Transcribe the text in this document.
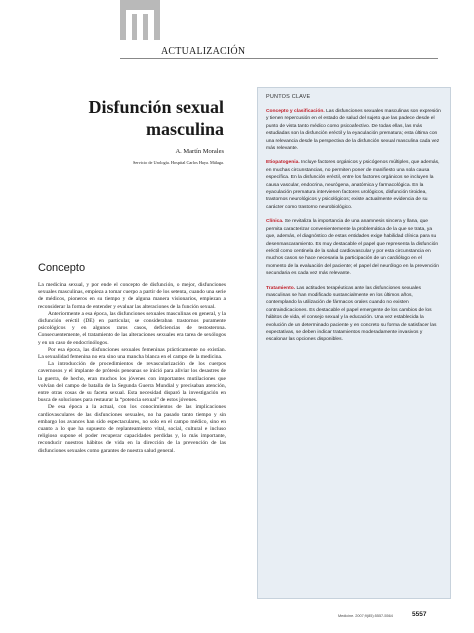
ACTUALIZACIÓN
Disfunción sexual
masculina
A. Martín Morales
Servicio de Urología. Hospital Carlos Haya. Málaga.
Concepto

La medicina sexual, y por ende el concepto de disfunción, o mejor, disfunciones sexuales masculinas, empieza a tomar cuerpo a partir de los setenta, cuando una serie de médicos, pioneros en su tiempo y de alguna manera visionarios, empiezan a reconsiderar la forma de entender y evaluar las alteraciones de la función sexual.

Anteriormente a esa época, las disfunciones sexuales masculinas en general, y la disfunción eréctil (DE) en particular, se consideraban trastornos puramente psicológicos y en algunos raros casos, deficiencias de testosterona. Consecuentemente, el tratamiento de las alteraciones sexuales era tarea de sexólogos y en un caso de endocrinólogos.

Por esa época, las disfunciones sexuales femeninas prácticamente no existían. La sexualidad femenina no era sino una mancha blanca en el campo de la medicina.

La introducción de procedimientos de revascularización de los cuerpos cavernosos y el implante de prótesis peneanas se inició para aliviar los desastres de la guerra, de hecho, eran muchos los jóvenes con importantes mutilaciones que volvían del campo de batalla de la Segunda Guerra Mundial y precisaban atención, entre otras cosas de su faceta sexual. Esta necesidad disparó la investigación en busca de soluciones para restaurar la “potencia sexual” de estos jóvenes.

De esa época a la actual, con los conocimientos de las implicaciones cardiovasculares de las disfunciones sexuales, no ha pasado tanto tiempo y sin embargo los avances han sido espectaculares, no solo en el campo médico, sino en cuanto a lo que ha supuesto de replanteamiento vital, social, cultural e incluso religioso supone el poder recuperar capacidades perdidas y, lo más importante, reconducir nuestros hábitos de vida en la dirección de la prevención de las disfunciones sexuales como garantes de nuestra salud general.

PUNTOS CLAVE
Concepto y clasificación. Las disfunciones sexuales masculinas son expresión y tienen repercusión en el estado de salud del sujeto que las padece desde el punto de vista tanto médico como psicoafectivo. De todas ellas, las más estudiadas son la disfunción eréctil y la eyaculación prematura; esta última con una relevancia desde la perspectiva de la disfunción sexual masculina cada vez más relevante.
Etiopatogenia. Incluye factores orgánicos y psicógenos múltiples, que además, en muchas circunstancias, no permiten poner de manifiesto una sola causa específica. En la disfunción eréctil, entre los factores orgánicos se incluyen la causa vascular, endocrina, neurógena, anatómica y farmacológica. En la eyaculación prematura intervienen factores urológicos, disfunción tiroidea, trastornos neurológicos y psicológicos; existe actualmente evidencia de su carácter como trastorno neurobiológico.
Clínica. Se revitaliza la importancia de una anamnesis sincera y llana, que permita caracterizar convenientemente la problemática de la que se trata, ya que, además, el diagnóstico de estas entidades exige habilidad clínica para su desenmascaramiento. Es muy destacable el papel que representa la disfunción eréctil como centinela de la salud cardiovascular y por esta circunstancia en muchos casos se hace necesaria la participación de un cardiólogo en el momento de la evaluación del paciente; el papel del neurólogo en la prevención secundaria es cada vez más relevante.
Tratamiento. Las actitudes terapéuticas ante las disfunciones sexuales masculinas se han modificado sustancialmente en los últimos años, contemplando la utilización de fármacos orales cuando no existen contraindicaciones. Es destacable el papel emergente de los cambios de los hábitos de vida, el consejo sexual y la educación. Una vez establecida la evolución de un determinado paciente y en concreto su forma de satisfacer las expectativas, se deben indicar tratamientos moderadamente invasivos y escalonar las opciones disponibles.
Medicine. 2007;9(85):5557-5564	5557
